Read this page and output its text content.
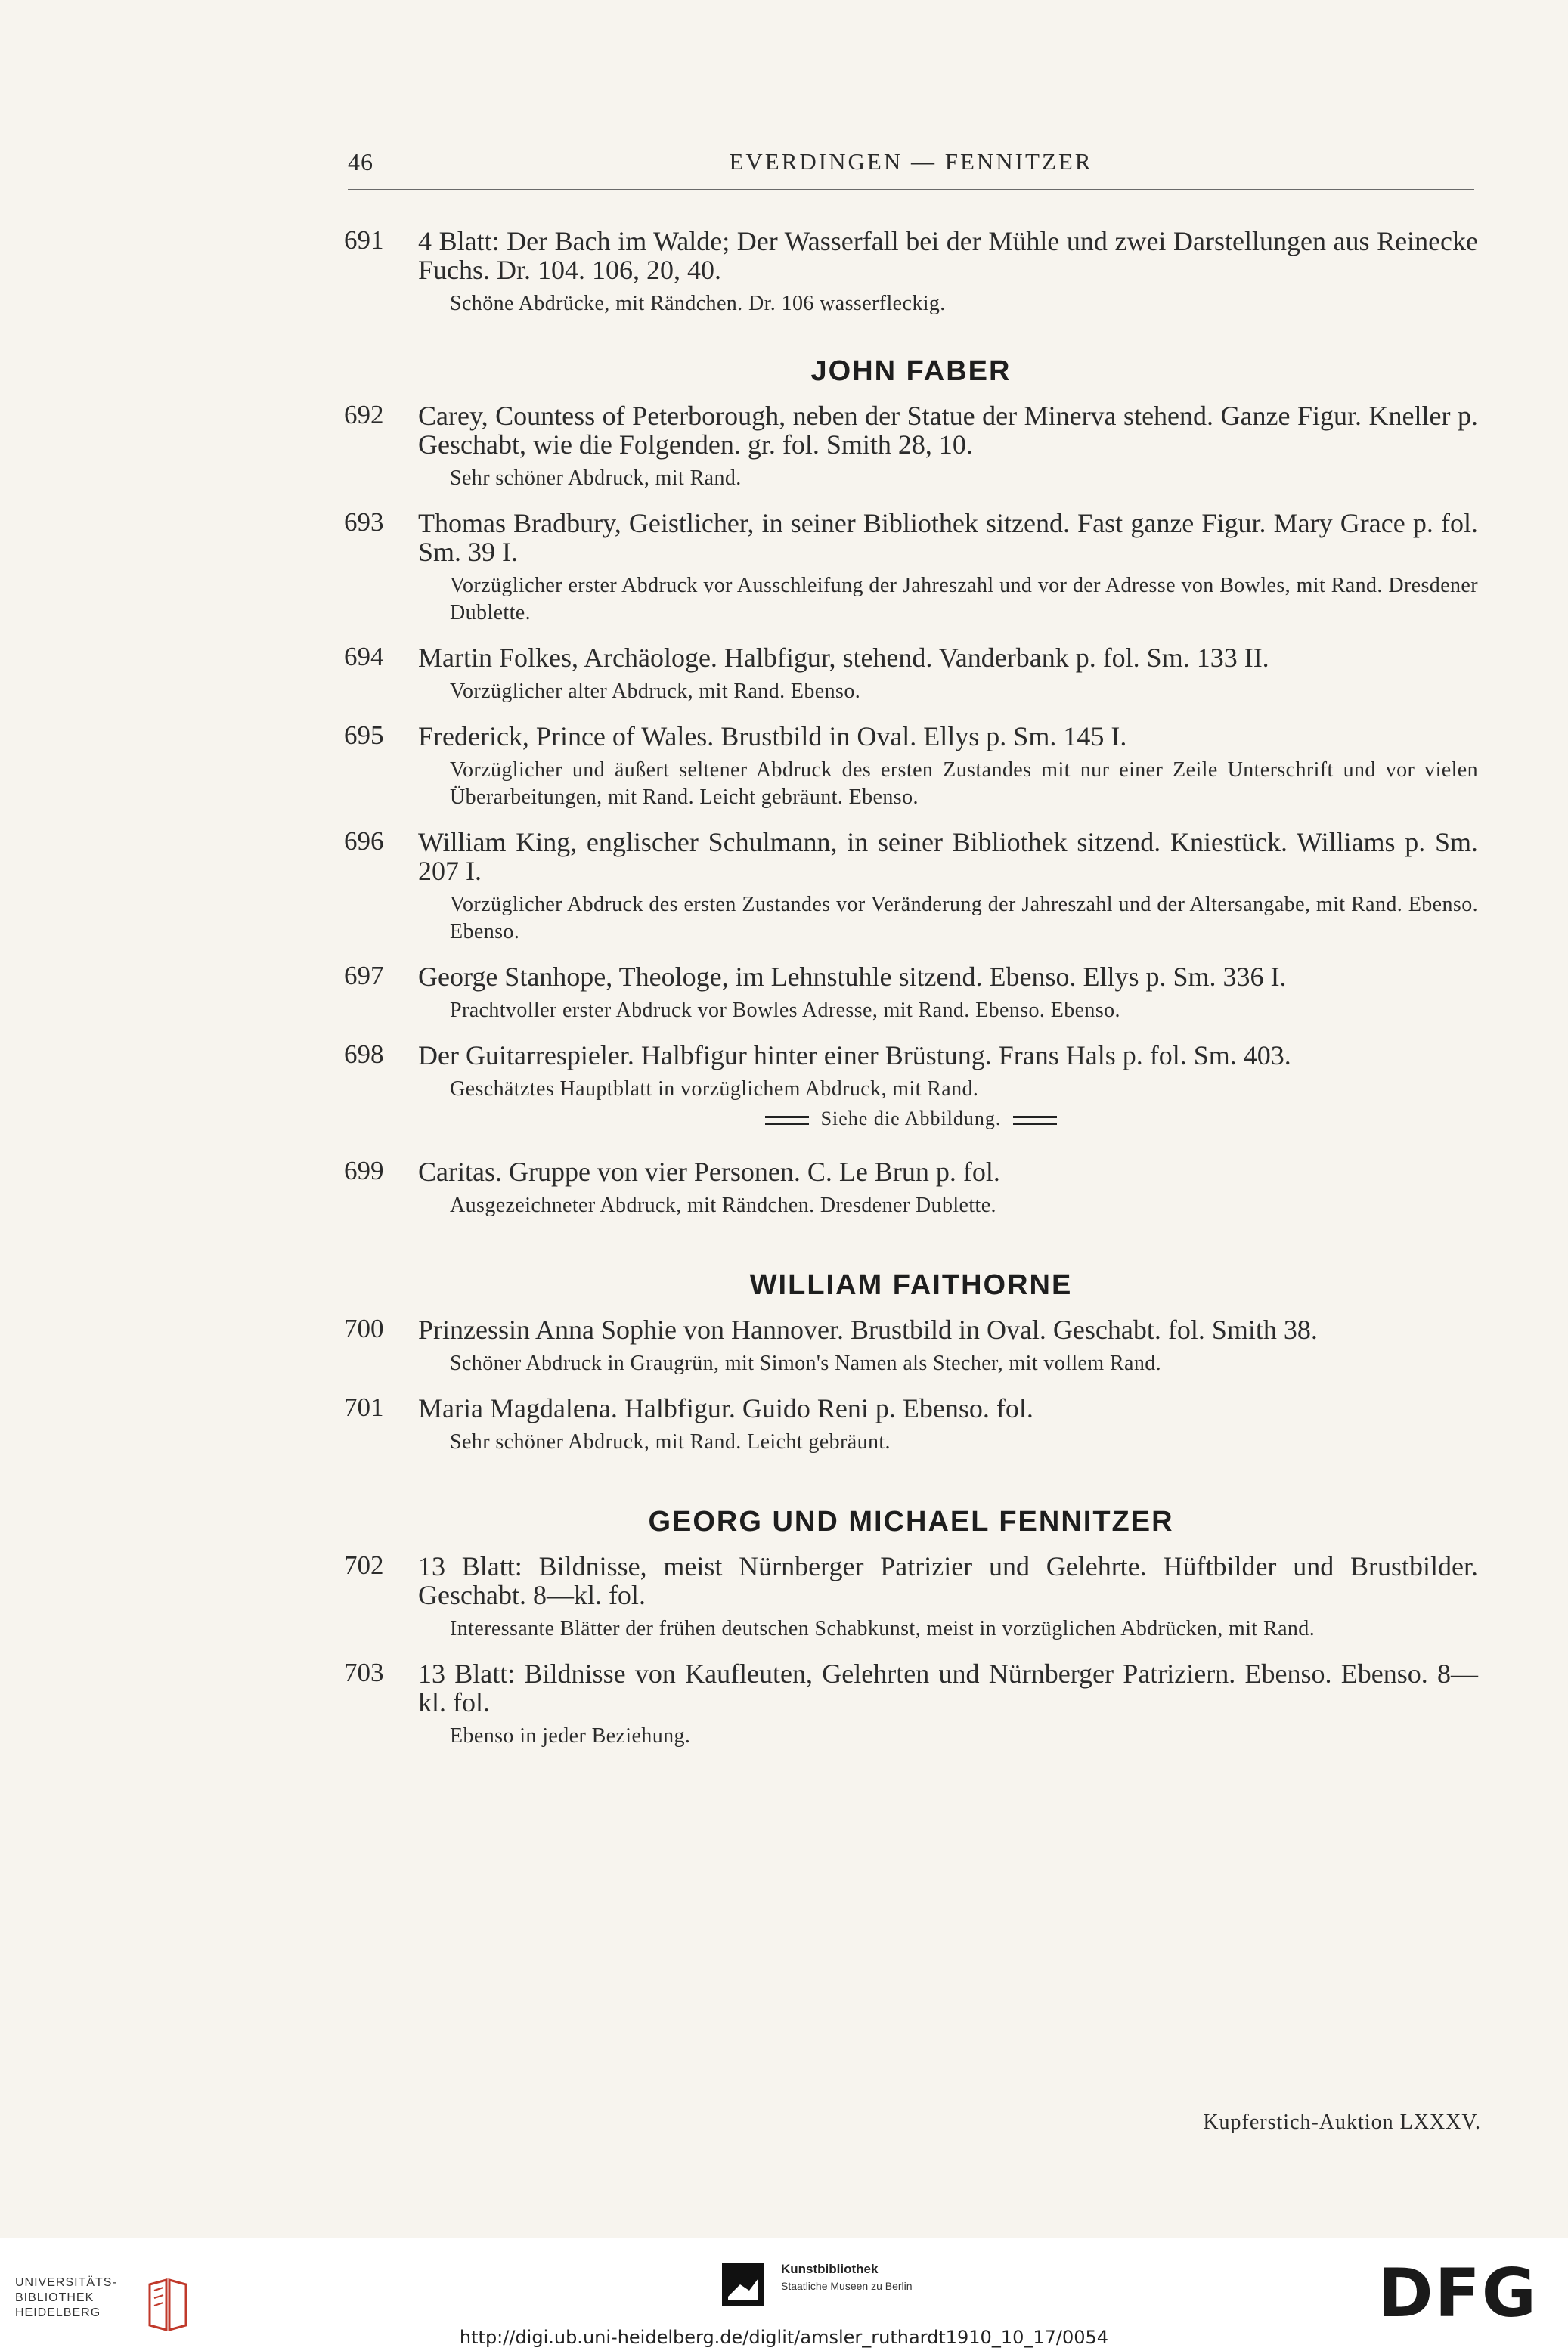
46	EVERDINGEN — FENNITZER
691 4 Blatt: Der Bach im Walde; Der Wasserfall bei der Mühle und zwei Darstellungen aus Reinecke Fuchs. Dr. 104. 106, 20, 40.
Schöne Abdrücke, mit Rändchen. Dr. 106 wasserfleckig.
JOHN FABER
692 Carey, Countess of Peterborough, neben der Statue der Minerva stehend. Ganze Figur. Kneller p. Geschabt, wie die Folgenden. gr. fol. Smith 28, 10.
Sehr schöner Abdruck, mit Rand.
693 Thomas Bradbury, Geistlicher, in seiner Bibliothek sitzend. Fast ganze Figur. Mary Grace p. fol. Sm. 39 I.
Vorzüglicher erster Abdruck vor Ausschleifung der Jahreszahl und vor der Adresse von Bowles, mit Rand. Dresdener Dublette.
694 Martin Folkes, Archäologe. Halbfigur, stehend. Vanderbank p. fol. Sm. 133 II.
Vorzüglicher alter Abdruck, mit Rand. Ebenso.
695 Frederick, Prince of Wales. Brustbild in Oval. Ellys p. Sm. 145 I.
Vorzüglicher und äußert seltener Abdruck des ersten Zustandes mit nur einer Zeile Unterschrift und vor vielen Überarbeitungen, mit Rand. Leicht gebräunt. Ebenso.
696 William King, englischer Schulmann, in seiner Bibliothek sitzend. Kniestück. Williams p. Sm. 207 I.
Vorzüglicher Abdruck des ersten Zustandes vor Veränderung der Jahreszahl und der Altersangabe, mit Rand. Ebenso. Ebenso.
697 George Stanhope, Theologe, im Lehnstuhle sitzend. Ebenso. Ellys p. Sm. 336 I.
Prachtvoller erster Abdruck vor Bowles Adresse, mit Rand. Ebenso. Ebenso.
698 Der Guitarrespieler. Halbfigur hinter einer Brüstung. Frans Hals p. fol. Sm. 403.
Geschätztes Hauptblatt in vorzüglichem Abdruck, mit Rand.
Siehe die Abbildung.
699 Caritas. Gruppe von vier Personen. C. Le Brun p. fol.
Ausgezeichneter Abdruck, mit Rändchen. Dresdener Dublette.
WILLIAM FAITHORNE
700 Prinzessin Anna Sophie von Hannover. Brustbild in Oval. Geschabt. fol. Smith 38.
Schöner Abdruck in Graugrün, mit Simon's Namen als Stecher, mit vollem Rand.
701 Maria Magdalena. Halbfigur. Guido Reni p. Ebenso. fol.
Sehr schöner Abdruck, mit Rand. Leicht gebräunt.
GEORG UND MICHAEL FENNITZER
702 13 Blatt: Bildnisse, meist Nürnberger Patrizier und Gelehrte. Hüftbilder und Brustbilder. Geschabt. 8—kl. fol.
Interessante Blätter der frühen deutschen Schabkunst, meist in vorzüglichen Abdrücken, mit Rand.
703 13 Blatt: Bildnisse von Kaufleuten, Gelehrten und Nürnberger Patriziern. Ebenso. Ebenso. 8—kl. fol.
Ebenso in jeder Beziehung.
Kupferstich-Auktion LXXXV.
UNIVERSITÄTS-
BIBLIOTHEK
HEIDELBERG
Kunstbibliothek
Staatliche Museen zu Berlin	DFG
http://digi.ub.uni-heidelberg.de/diglit/amsler_ruthardt1910_10_17/0054
